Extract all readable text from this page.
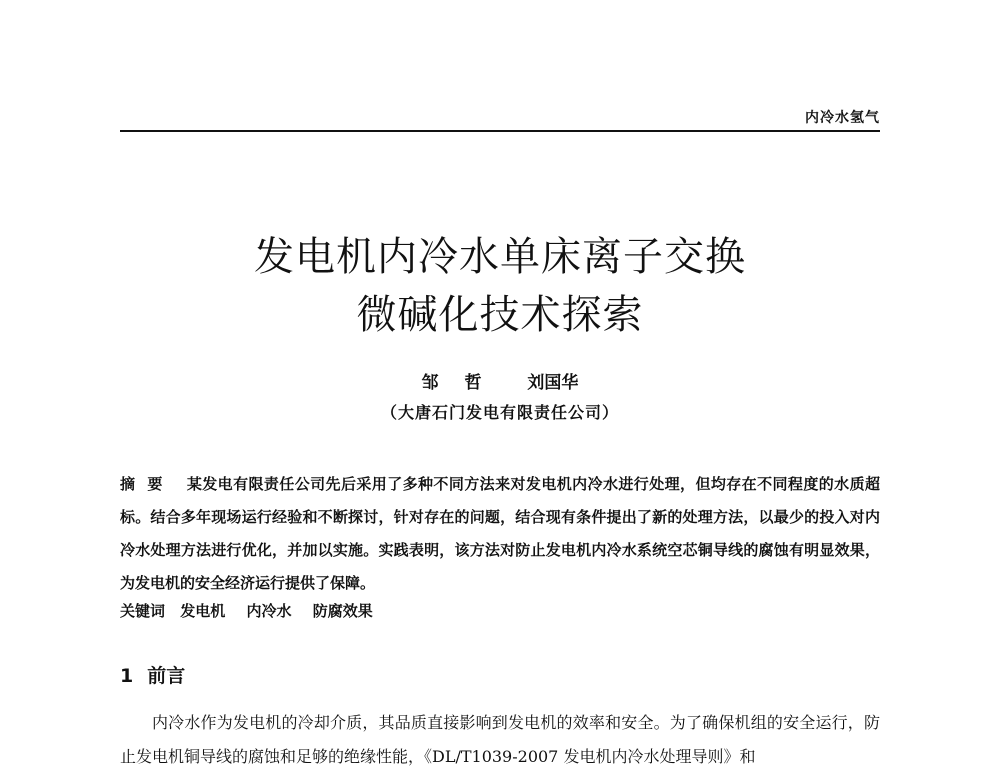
内冷水氢气
发电机内冷水单床离子交换
微碱化技术探索
邹 哲 刘国华
（大唐石门发电有限责任公司）
摘要 某发电有限责任公司先后采用了多种不同方法来对发电机内冷水进行处理，但均存在不同程度的水质超标。结合多年现场运行经验和不断探讨，针对存在的问题，结合现有条件提出了新的处理方法，以最少的投入对内冷水处理方法进行优化，并加以实施。实践表明，该方法对防止发电机内冷水系统空芯铜导线的腐蚀有明显效果，为发电机的安全经济运行提供了保障。
关键词 发电机 内冷水 防腐效果
1 前言
内冷水作为发电机的冷却介质，其品质直接影响到发电机的效率和安全。为了确保机组的安全运行，防止发电机铜导线的腐蚀和足够的绝缘性能，《DL/T1039-2007 发电机内冷水处理导则》和
